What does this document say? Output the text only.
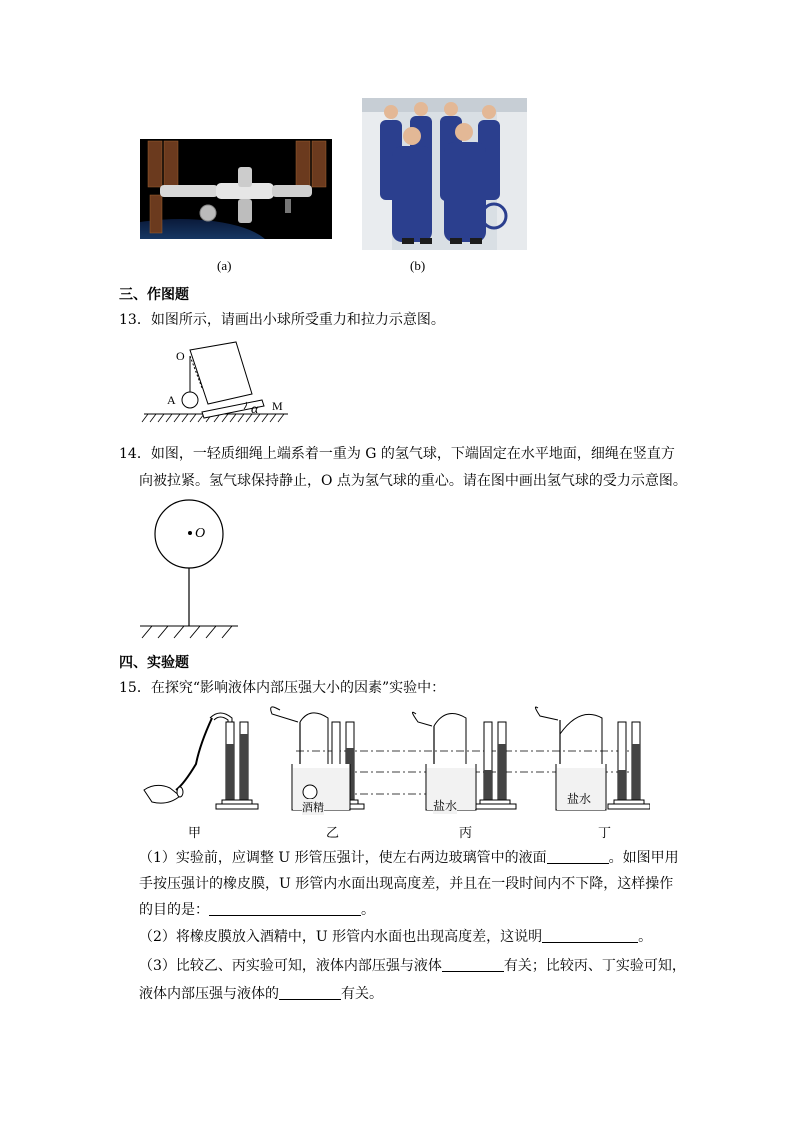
(a)	(b)
三、作图题
13．如图所示，请画出小球所受重力和拉力示意图。
O
A	M
α
14．如图，一轻质细绳上端系着一重为 G 的氢气球，下端固定在水平地面，细绳在竖直方
向被拉紧。氢气球保持静止，O 点为氢气球的重心。请在图中画出氢气球的受力示意图。
O
四、实验题
15．在探究“影响液体内部压强大小的因素”实验中：
酒精	盐水	盐水
甲	乙	丙	丁
（1）实验前，应调整 U 形管压强计，使左右两边玻璃管中的液面	。如图甲用
手按压强计的橡皮膜，U 形管内水面出现高度差，并且在一段时间内不下降，这样操作
的目的是：	。
（2）将橡皮膜放入酒精中，U 形管内水面也出现高度差，这说明	。
（3）比较乙、丙实验可知，液体内部压强与液体	有关；比较丙、丁实验可知，
液体内部压强与液体的	有关。
